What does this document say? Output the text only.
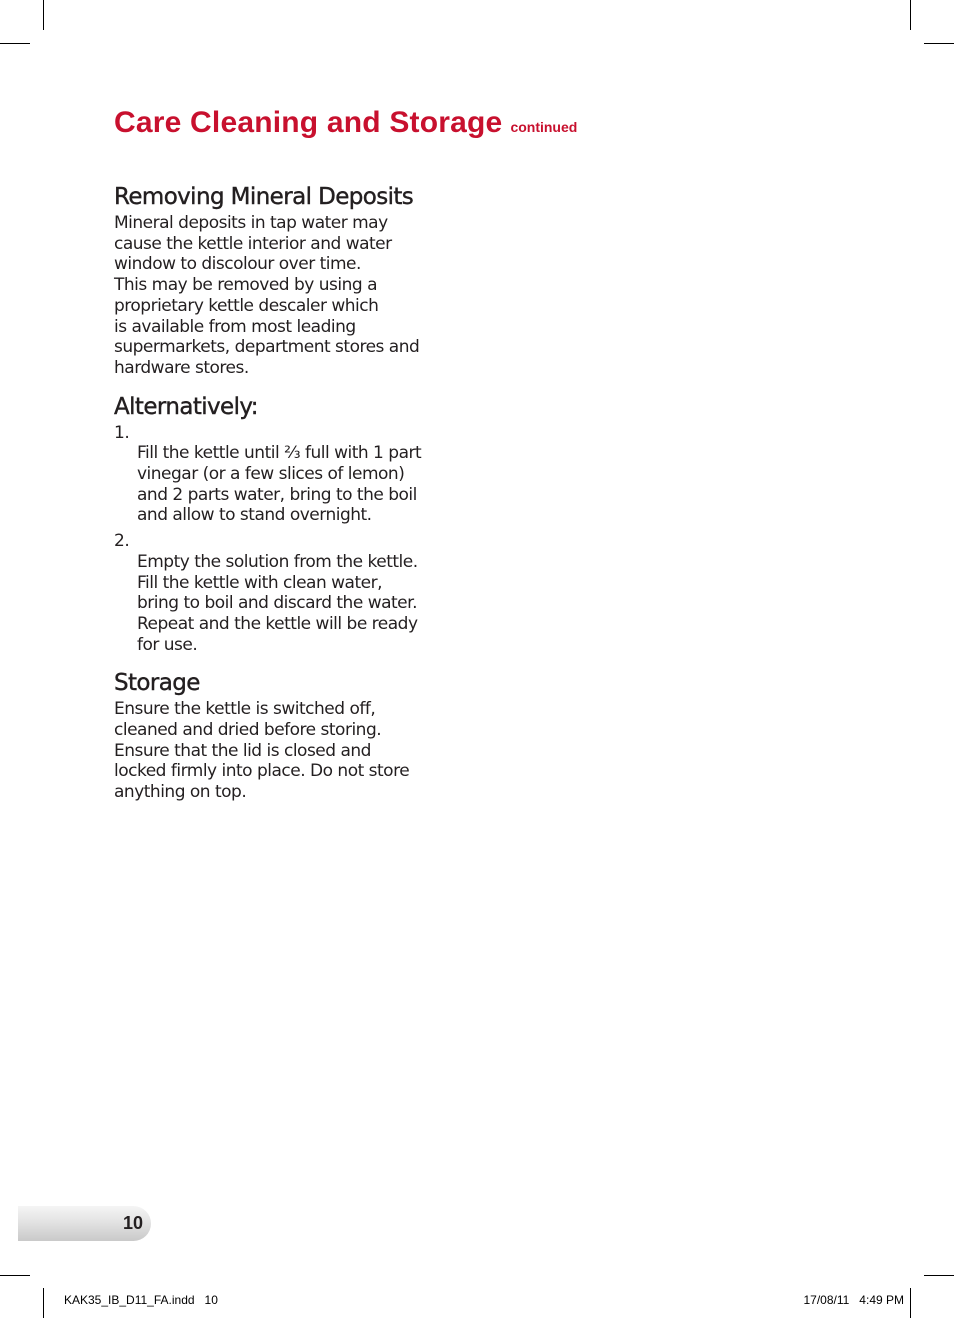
Care Cleaning and Storage continued
Removing Mineral Deposits

Mineral deposits in tap water may
cause the kettle interior and water
window to discolour over time.
This may be removed by using a
proprietary kettle descaler which
is available from most leading
supermarkets, department stores and
hardware stores.

Alternatively:

1.
Fill the kettle until ⅔ full with 1 part
vinegar (or a few slices of lemon)
and 2 parts water, bring to the boil
and allow to stand overnight.

2.
Empty the solution from the kettle.
Fill the kettle with clean water,
bring to boil and discard the water.
Repeat and the kettle will be ready
for use.

Storage

Ensure the kettle is switched off,
cleaned and dried before storing.
Ensure that the lid is closed and
locked firmly into place. Do not store
anything on top.

10
KAK35_IB_D11_FA.indd   10	17/08/11   4:49 PM
